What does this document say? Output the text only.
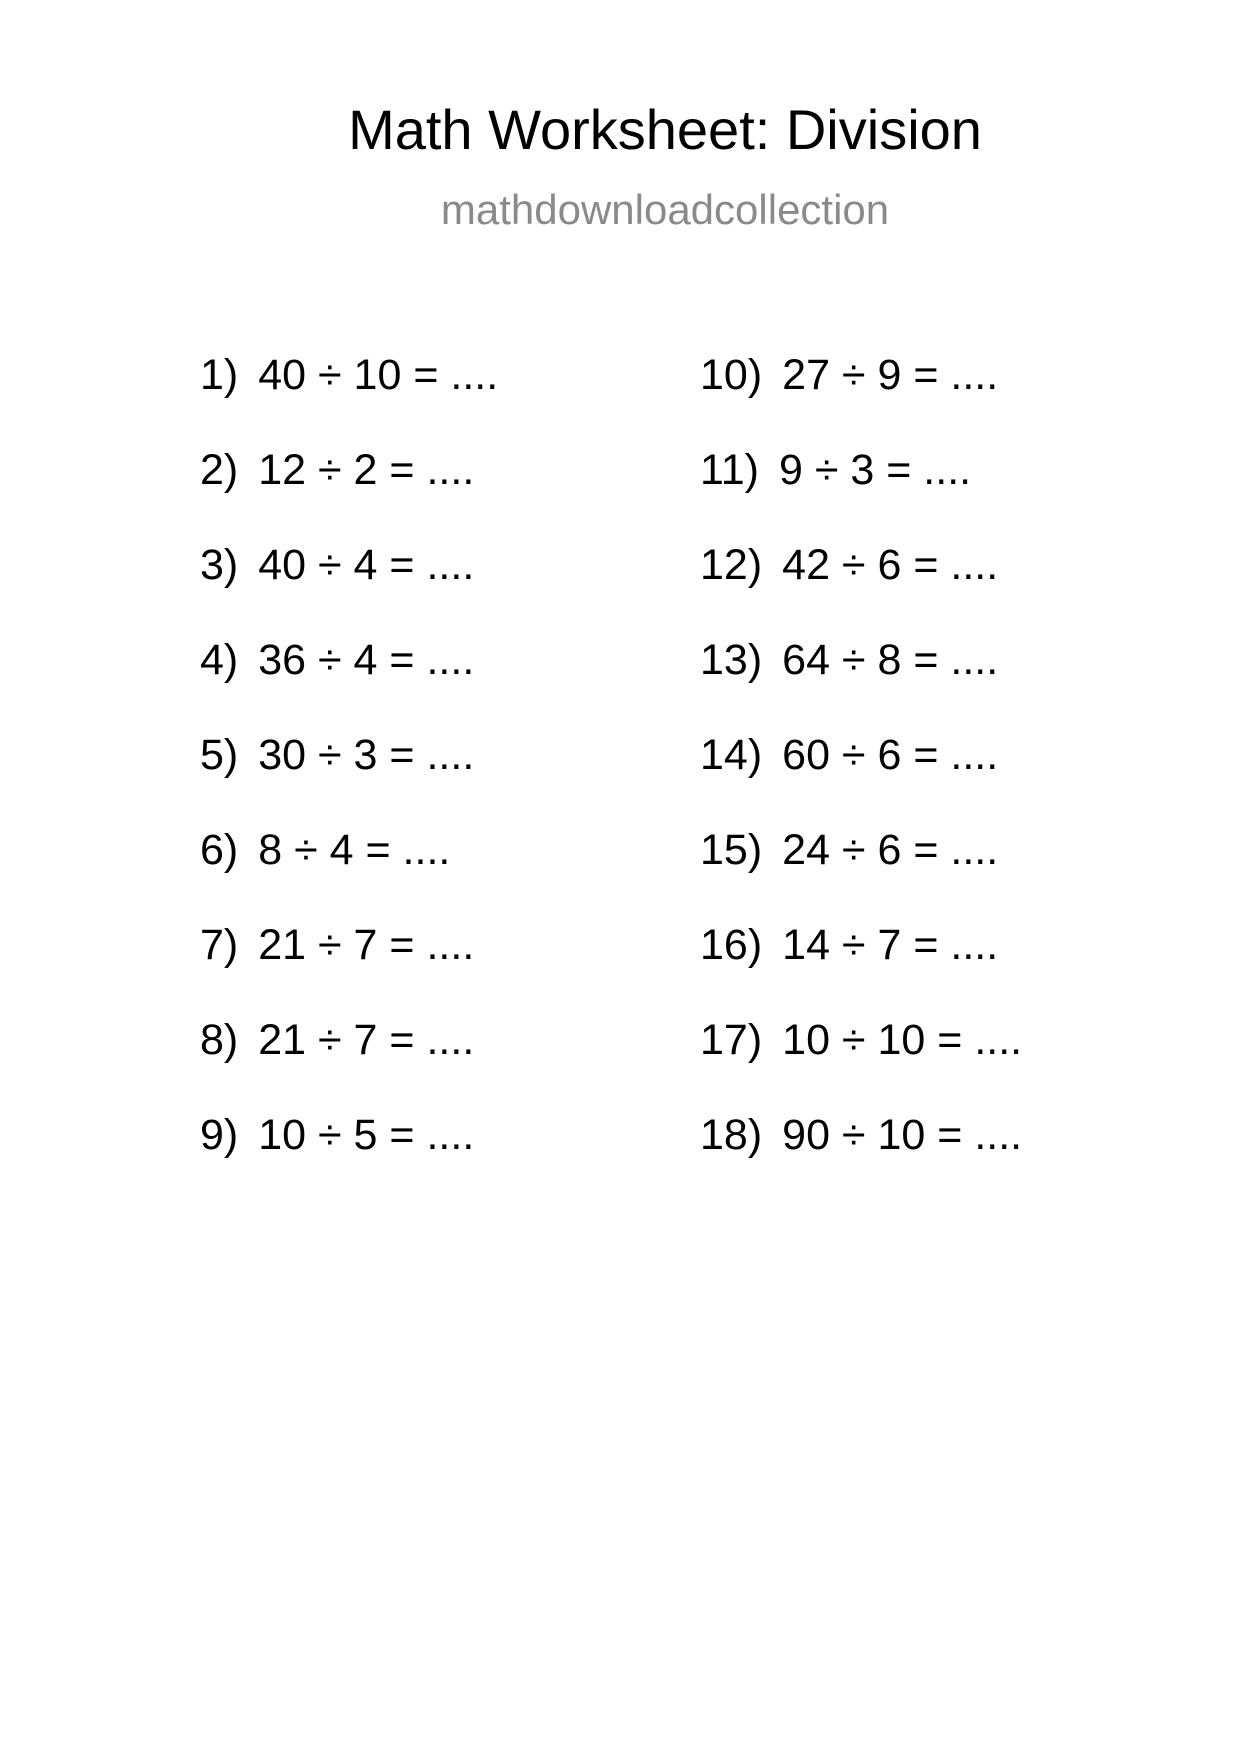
Math Worksheet: Division
mathdownloadcollection
1) 40 ÷ 10 = ....
2) 12 ÷ 2 = ....
3) 40 ÷ 4 = ....
4) 36 ÷ 4 = ....
5) 30 ÷ 3 = ....
6) 8 ÷ 4 = ....
7) 21 ÷ 7 = ....
8) 21 ÷ 7 = ....
9) 10 ÷ 5 = ....
10) 27 ÷ 9 = ....
11) 9 ÷ 3 = ....
12) 42 ÷ 6 = ....
13) 64 ÷ 8 = ....
14) 60 ÷ 6 = ....
15) 24 ÷ 6 = ....
16) 14 ÷ 7 = ....
17) 10 ÷ 10 = ....
18) 90 ÷ 10 = ....
